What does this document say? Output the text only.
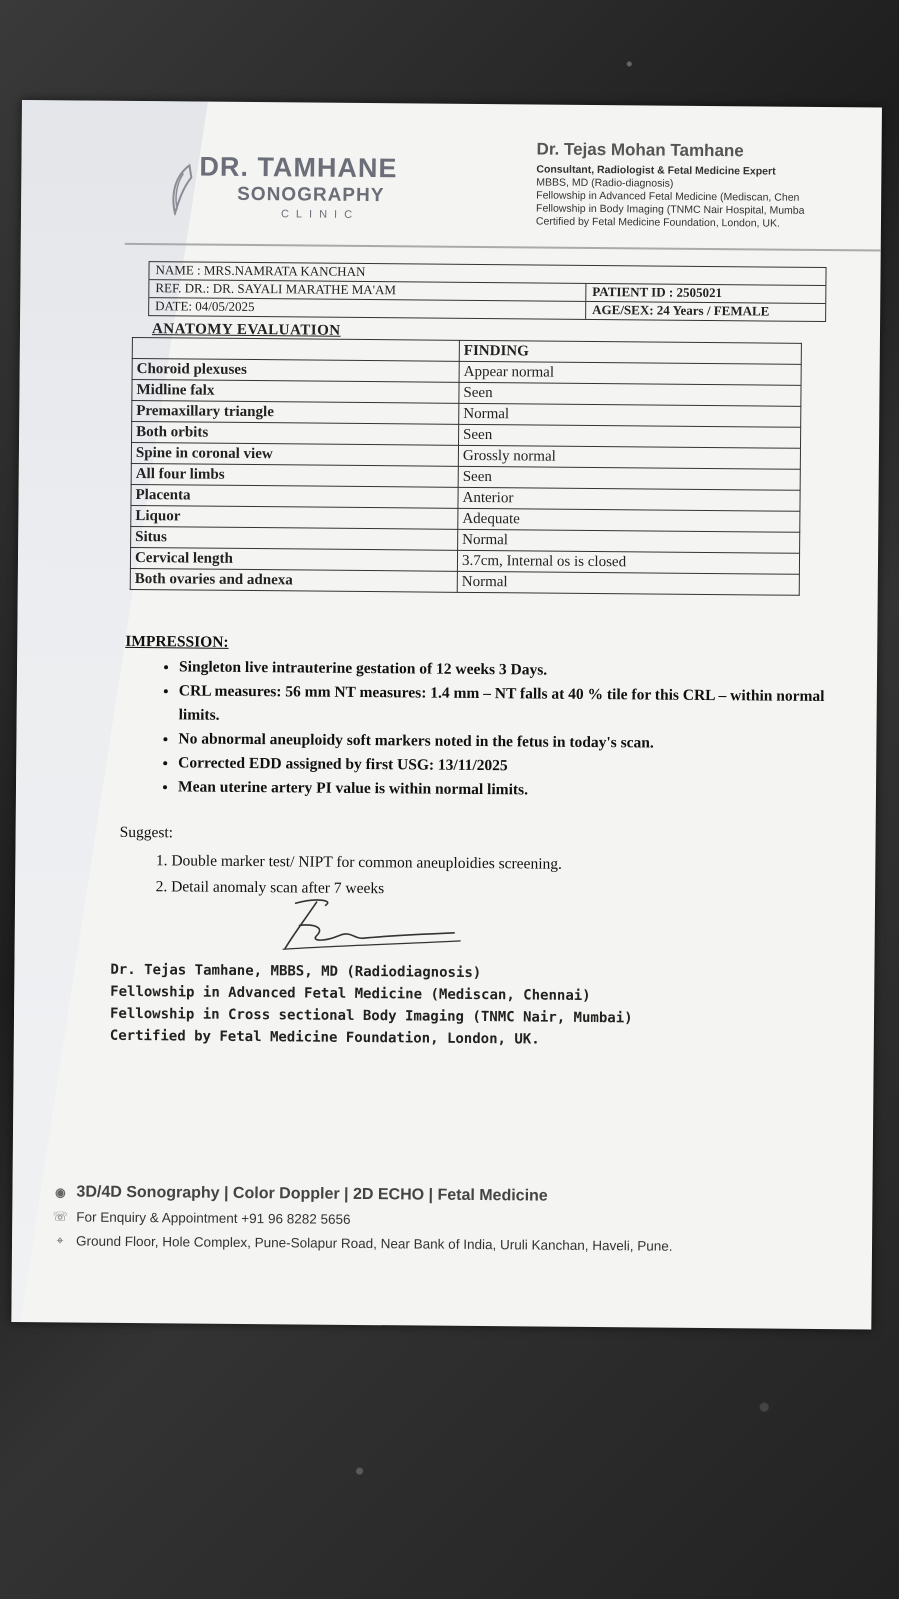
DR. TAMHANE
SONOGRAPHY
CLINIC
Dr. Tejas Mohan Tamhane
Consultant, Radiologist & Fetal Medicine Expert
MBBS, MD (Radio-diagnosis)
Fellowship in Advanced Fetal Medicine (Mediscan, Chen
Fellowship in Body Imaging (TNMC Nair Hospital, Mumba
Certified by Fetal Medicine Foundation, London, UK.
NAME : MRS.NAMRATA KANCHAN
REF. DR.: DR. SAYALI MARATHE MA'AM	PATIENT ID : 2505021
DATE: 04/05/2025	AGE/SEX: 24 Years / FEMALE
ANATOMY EVALUATION
	FINDING
Choroid plexuses	Appear normal
Midline falx	Seen
Premaxillary triangle	Normal
Both orbits	Seen
Spine in coronal view	Grossly normal
All four limbs	Seen
Placenta	Anterior
Liquor	Adequate
Situs	Normal
Cervical length	3.7cm, Internal os is closed
Both ovaries and adnexa	Normal
IMPRESSION:
• Singleton live intrauterine gestation of 12 weeks 3 Days.
• CRL measures: 56 mm NT measures: 1.4 mm – NT falls at 40 % tile for this CRL – within normal limits.
• No abnormal aneuploidy soft markers noted in the fetus in today's scan.
• Corrected EDD assigned by first USG: 13/11/2025
• Mean uterine artery PI value is within normal limits.
Suggest:
1. Double marker test/ NIPT for common aneuploidies screening.
2. Detail anomaly scan after 7 weeks
Dr. Tejas Tamhane, MBBS, MD (Radiodiagnosis)
Fellowship in Advanced Fetal Medicine (Mediscan, Chennai)
Fellowship in Cross sectional Body Imaging (TNMC Nair, Mumbai)
Certified by Fetal Medicine Foundation, London, UK.
◉ 3D/4D Sonography | Color Doppler | 2D ECHO | Fetal Medicine
☏ For Enquiry & Appointment +91 96 8282 5656
⌖ Ground Floor, Hole Complex, Pune-Solapur Road, Near Bank of India, Uruli Kanchan, Haveli, Pune.
